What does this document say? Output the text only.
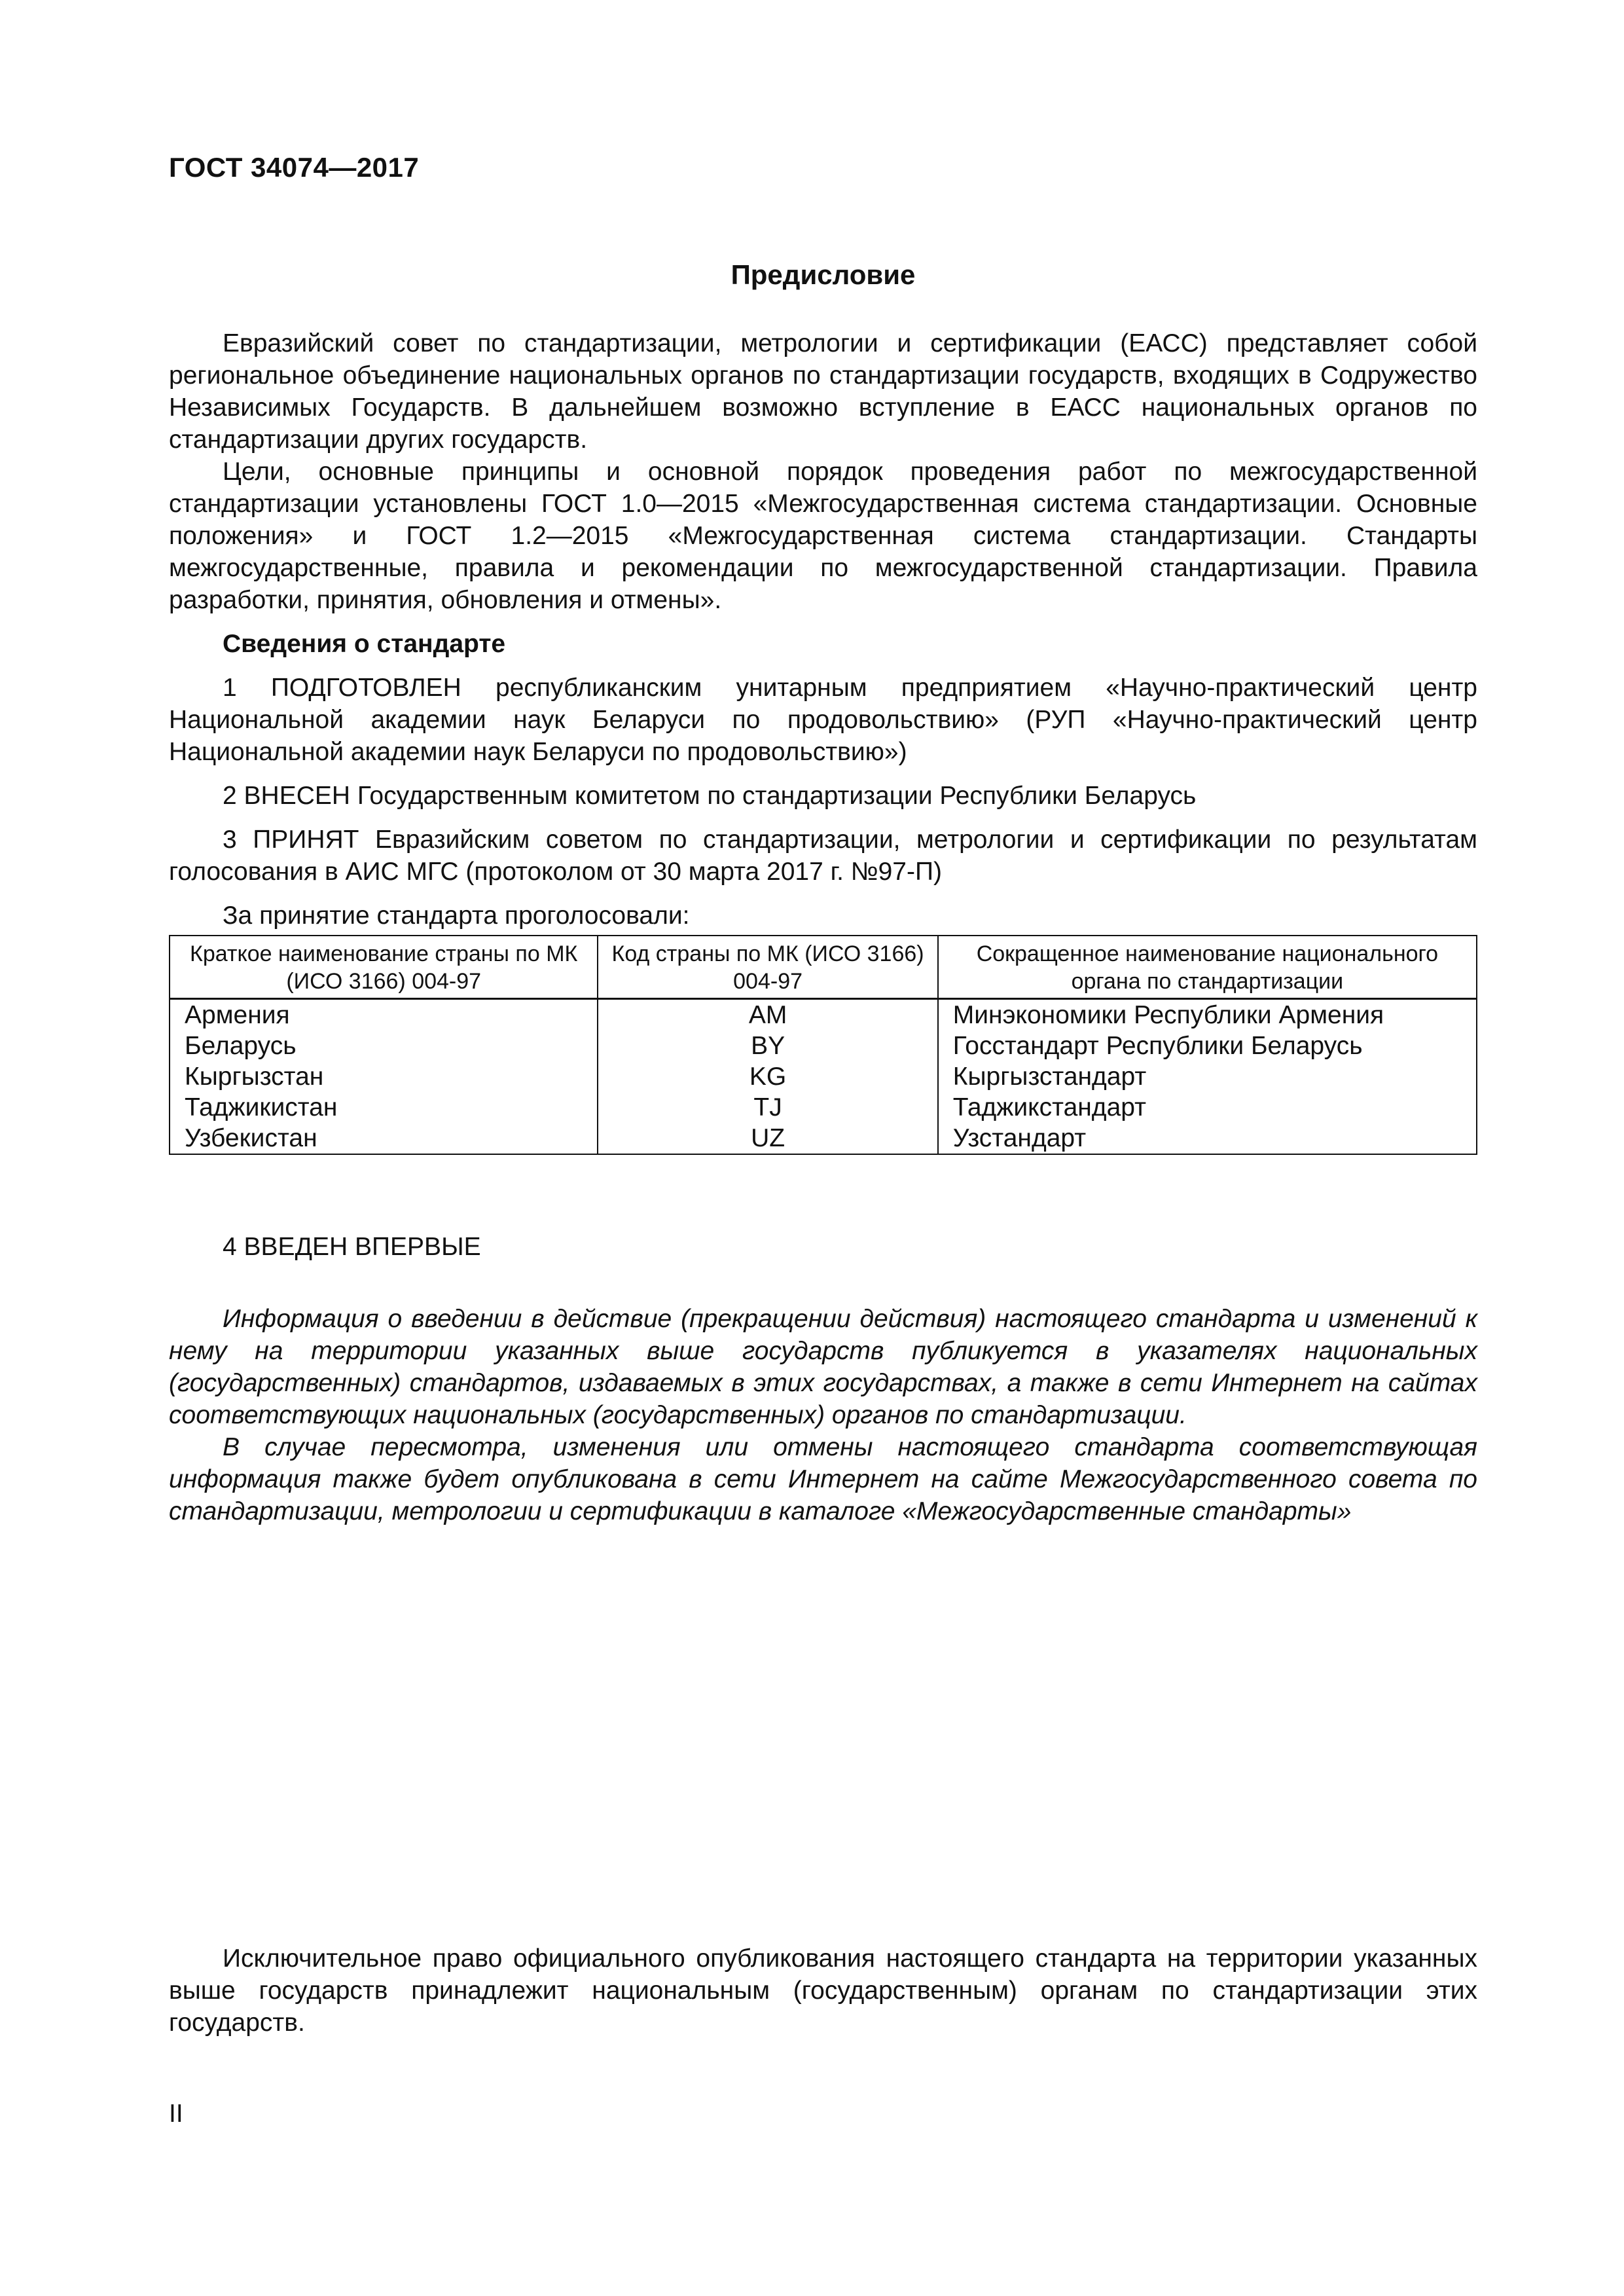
ГОСТ 34074—2017
Предисловие

Евразийский совет по стандартизации, метрологии и сертификации (ЕАСС) представляет собой региональное объединение национальных органов по стандартизации государств, входящих в Содружество Независимых Государств. В дальнейшем возможно вступление в ЕАСС национальных органов по стандартизации других государств.

Цели, основные принципы и основной порядок проведения работ по межгосударственной стандартизации установлены ГОСТ 1.0—2015 «Межгосударственная система стандартизации. Основные положения» и ГОСТ 1.2—2015 «Межгосударственная система стандартизации. Стандарты межгосударственные, правила и рекомендации по межгосударственной стандартизации. Правила разработки, принятия, обновления и отмены».

Сведения о стандарте

1 ПОДГОТОВЛЕН республиканским унитарным предприятием «Научно-практический центр Национальной академии наук Беларуси по продовольствию» (РУП «Научно-практический центр Национальной академии наук Беларуси по продовольствию»)

2 ВНЕСЕН Государственным комитетом по стандартизации Республики Беларусь

3 ПРИНЯТ Евразийским советом по стандартизации, метрологии и сертификации по результатам голосования в АИС МГС (протоколом от 30 марта 2017 г. №97-П)

За принятие стандарта проголосовали:

Краткое наименование страны по МК (ИСО 3166) 004-97	Код страны по МК (ИСО 3166) 004-97	Сокращенное наименование национального органа по стандартизации
Армения	AM	Минэкономики Республики Армения
Беларусь	BY	Госстандарт Республики Беларусь
Кыргызстан	KG	Кыргызстандарт
Таджикистан	TJ	Таджикстандарт
Узбекистан	UZ	Узстандарт

4 ВВЕДЕН ВПЕРВЫЕ

Информация о введении в действие (прекращении действия) настоящего стандарта и изменений к нему на территории указанных выше государств публикуется в указателях национальных (государственных) стандартов, издаваемых в этих государствах, а также в сети Интернет на сайтах соответствующих национальных (государственных) органов по стандартизации.

В случае пересмотра, изменения или отмены настоящего стандарта соответствующая информация также будет опубликована в сети Интернет на сайте Межгосударственного совета по стандартизации, метрологии и сертификации в каталоге «Межгосударственные стандарты»

Исключительное право официального опубликования настоящего стандарта на территории указанных выше государств принадлежит национальным (государственным) органам по стандартизации этих государств.

II
